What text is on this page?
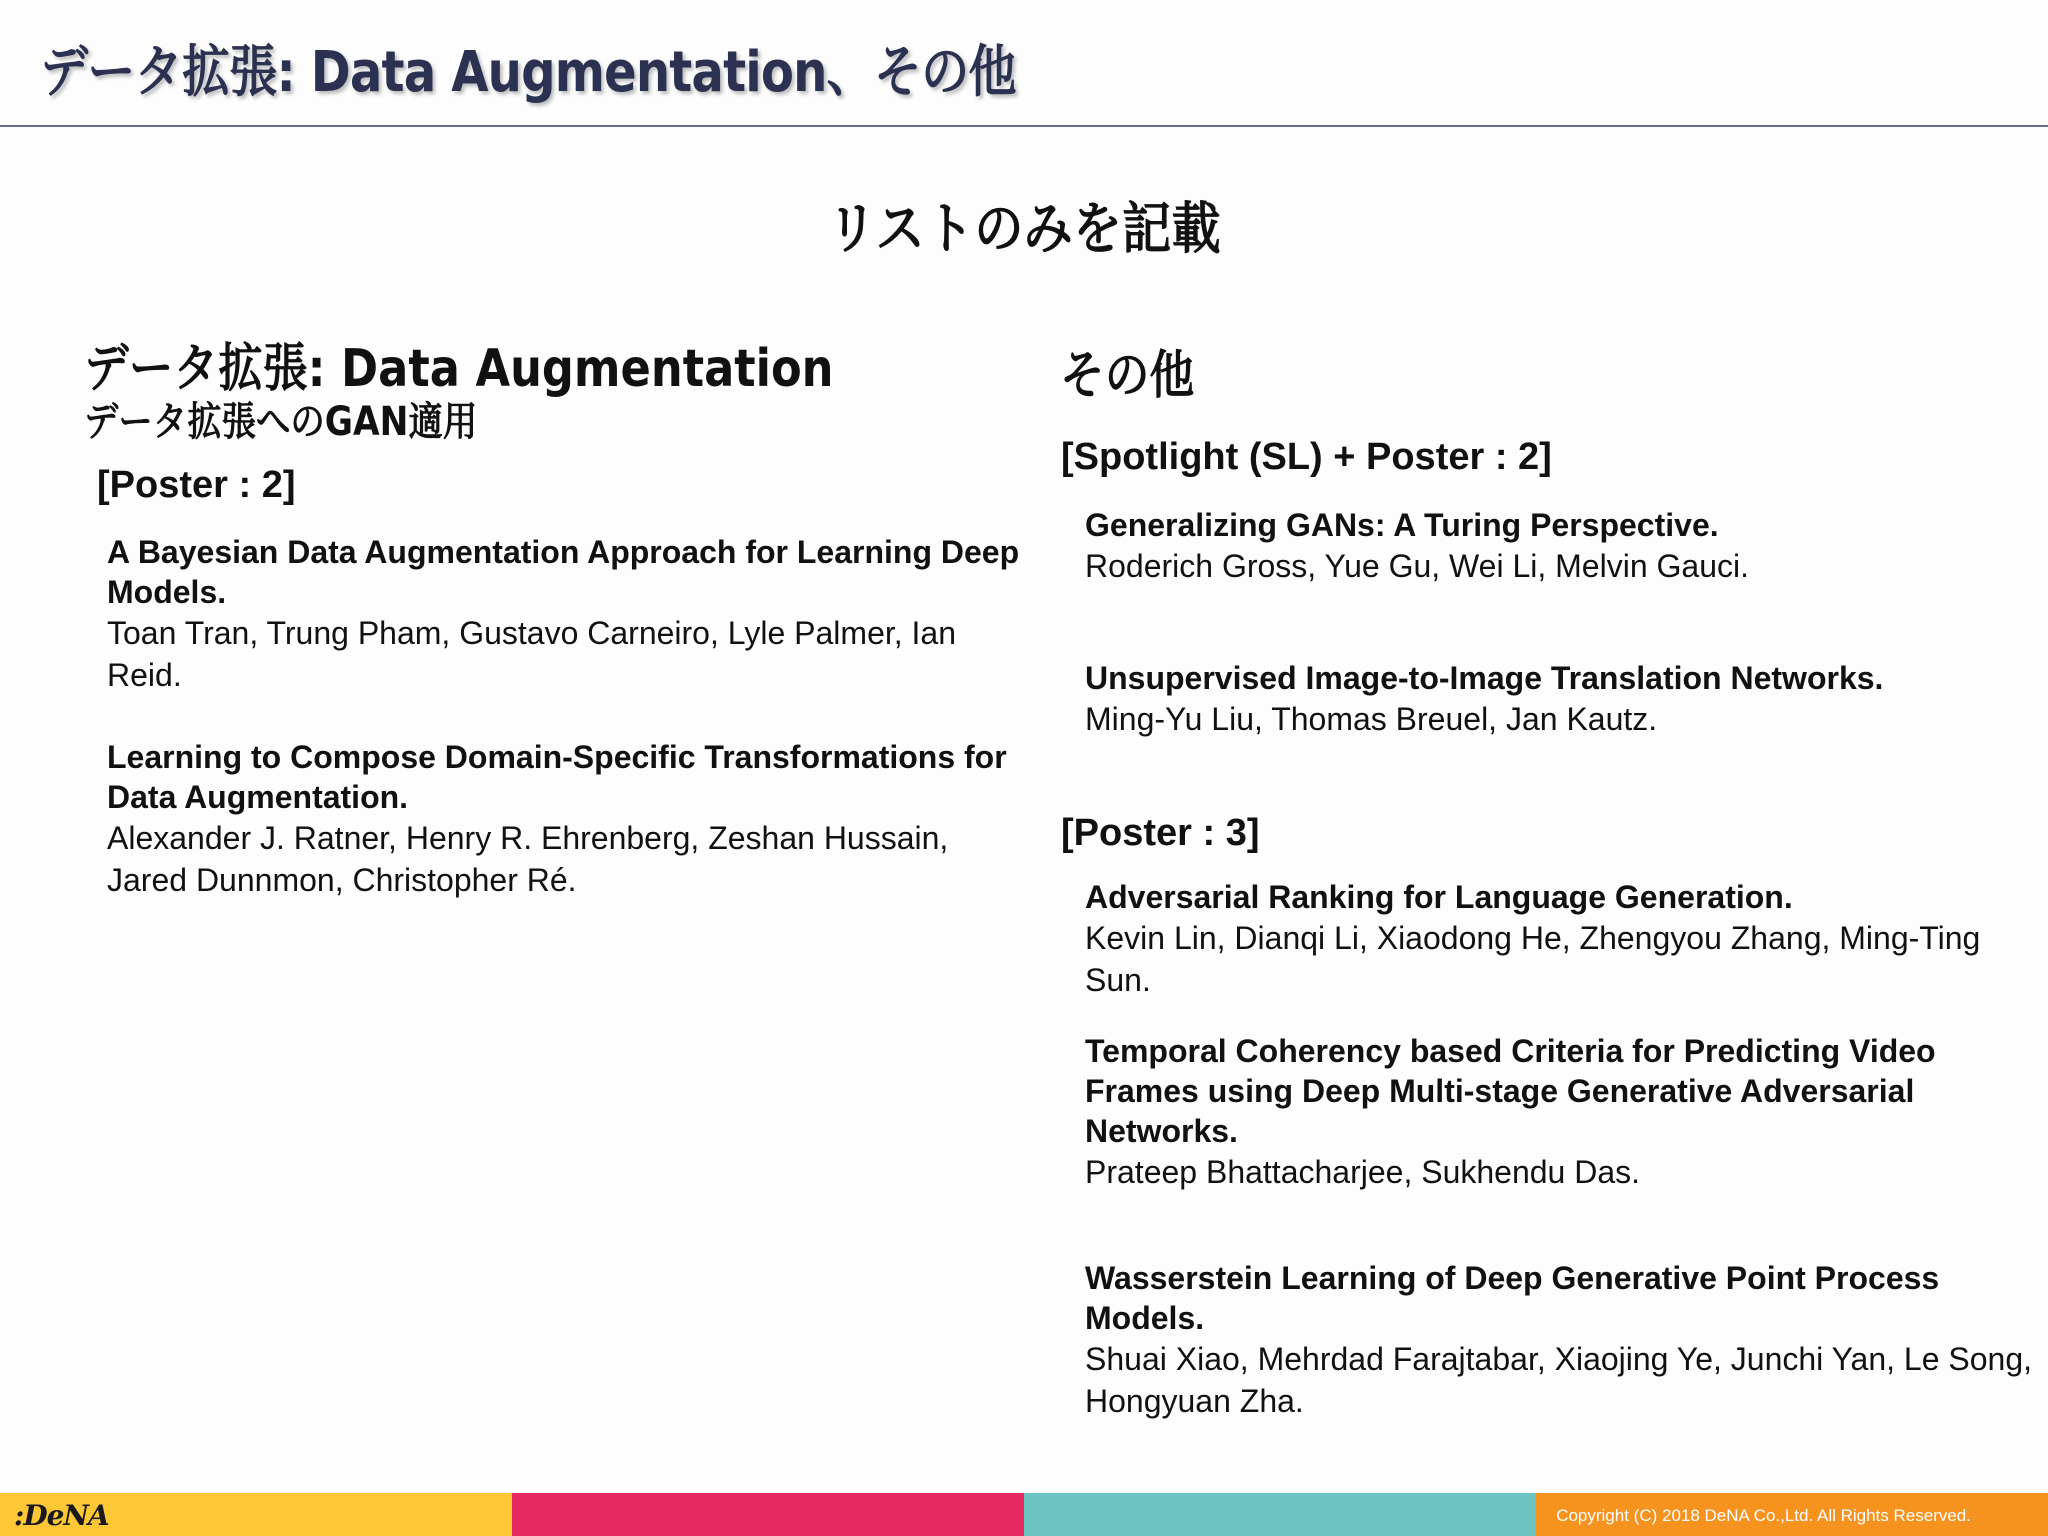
データ拡張: Data Augmentation、その他
リストのみを記載
データ拡張: Data Augmentation
データ拡張へのGAN適用
[Poster : 2]
A Bayesian Data Augmentation Approach for Learning Deep Models.
Toan Tran, Trung Pham, Gustavo Carneiro, Lyle Palmer, Ian Reid.
Learning to Compose Domain-Specific Transformations for Data Augmentation.
Alexander J. Ratner, Henry R. Ehrenberg, Zeshan Hussain, Jared Dunnmon, Christopher Ré.
その他
[Spotlight (SL) + Poster : 2]
Generalizing GANs: A Turing Perspective.
Roderich Gross, Yue Gu, Wei Li, Melvin Gauci.
Unsupervised Image-to-Image Translation Networks.
Ming-Yu Liu, Thomas Breuel, Jan Kautz.
[Poster : 3]
Adversarial Ranking for Language Generation.
Kevin Lin, Dianqi Li, Xiaodong He, Zhengyou Zhang, Ming-Ting Sun.
Temporal Coherency based Criteria for Predicting Video Frames using Deep Multi-stage Generative Adversarial Networks.
Prateep Bhattacharjee, Sukhendu Das.
Wasserstein Learning of Deep Generative Point Process Models.
Shuai Xiao, Mehrdad Farajtabar, Xiaojing Ye, Junchi Yan, Le Song, Hongyuan Zha.
:DeNA	Copyright (C) 2018 DeNA Co.,Ltd. All Rights Reserved.
